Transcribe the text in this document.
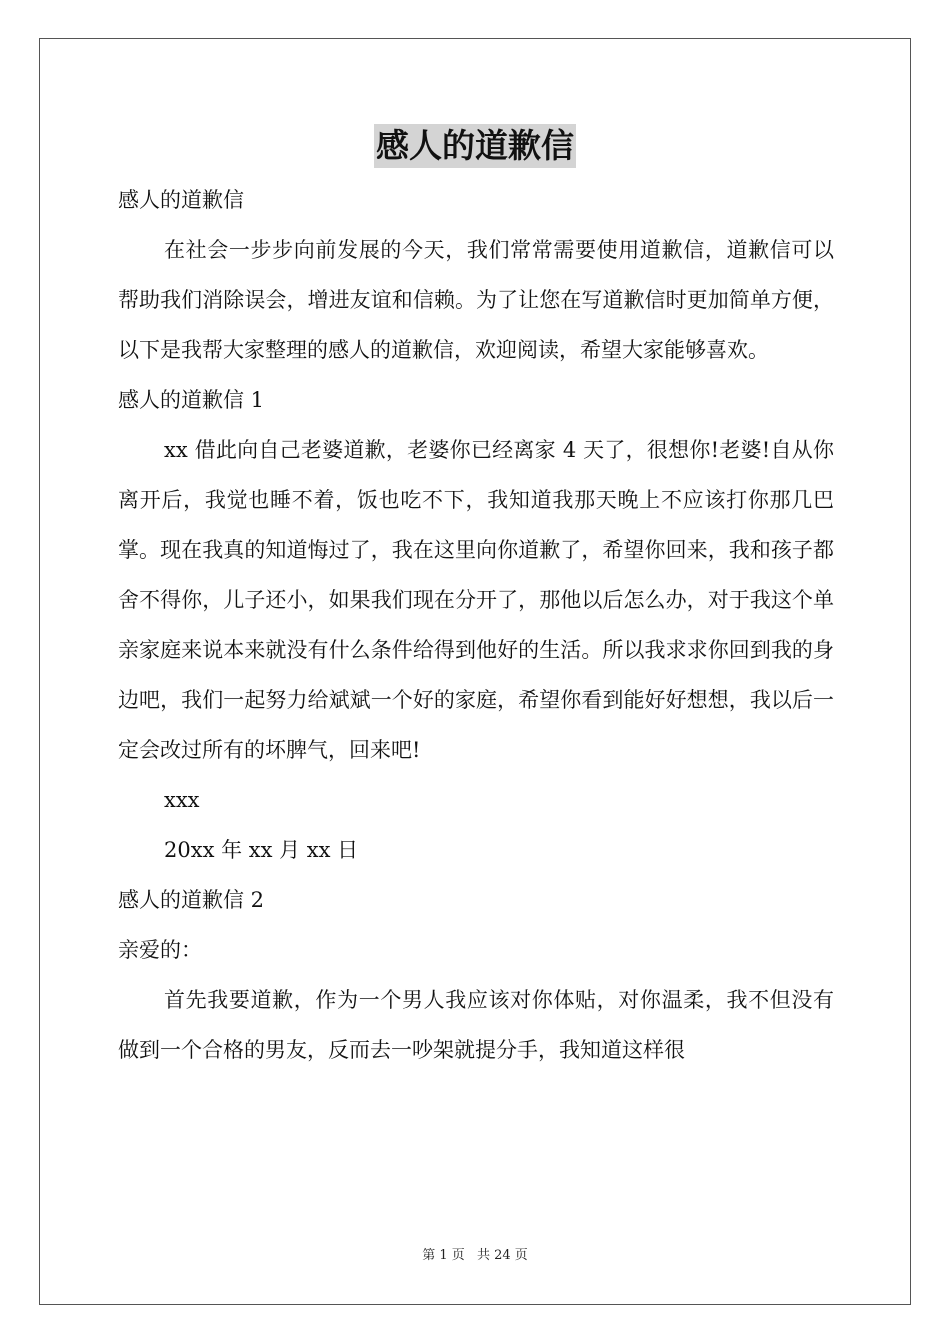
感人的道歉信

感人的道歉信

在社会一步步向前发展的今天，我们常常需要使用道歉信，道歉信可以帮助我们消除误会，增进友谊和信赖。为了让您在写道歉信时更加简单方便，以下是我帮大家整理的感人的道歉信，欢迎阅读，希望大家能够喜欢。

感人的道歉信 1

xx 借此向自己老婆道歉，老婆你已经离家 4 天了，很想你!老婆!自从你离开后，我觉也睡不着，饭也吃不下，我知道我那天晚上不应该打你那几巴掌。现在我真的知道悔过了，我在这里向你道歉了，希望你回来，我和孩子都舍不得你，儿子还小，如果我们现在分开了，那他以后怎么办，对于我这个单亲家庭来说本来就没有什么条件给得到他好的生活。所以我求求你回到我的身边吧，我们一起努力给斌斌一个好的家庭，希望你看到能好好想想，我以后一定会改过所有的坏脾气，回来吧!

xxx

20xx 年 xx 月 xx 日

感人的道歉信 2

亲爱的：

首先我要道歉，作为一个男人我应该对你体贴，对你温柔，我不但没有做到一个合格的男友，反而去一吵架就提分手，我知道这样很

第 1 页 共 24 页
